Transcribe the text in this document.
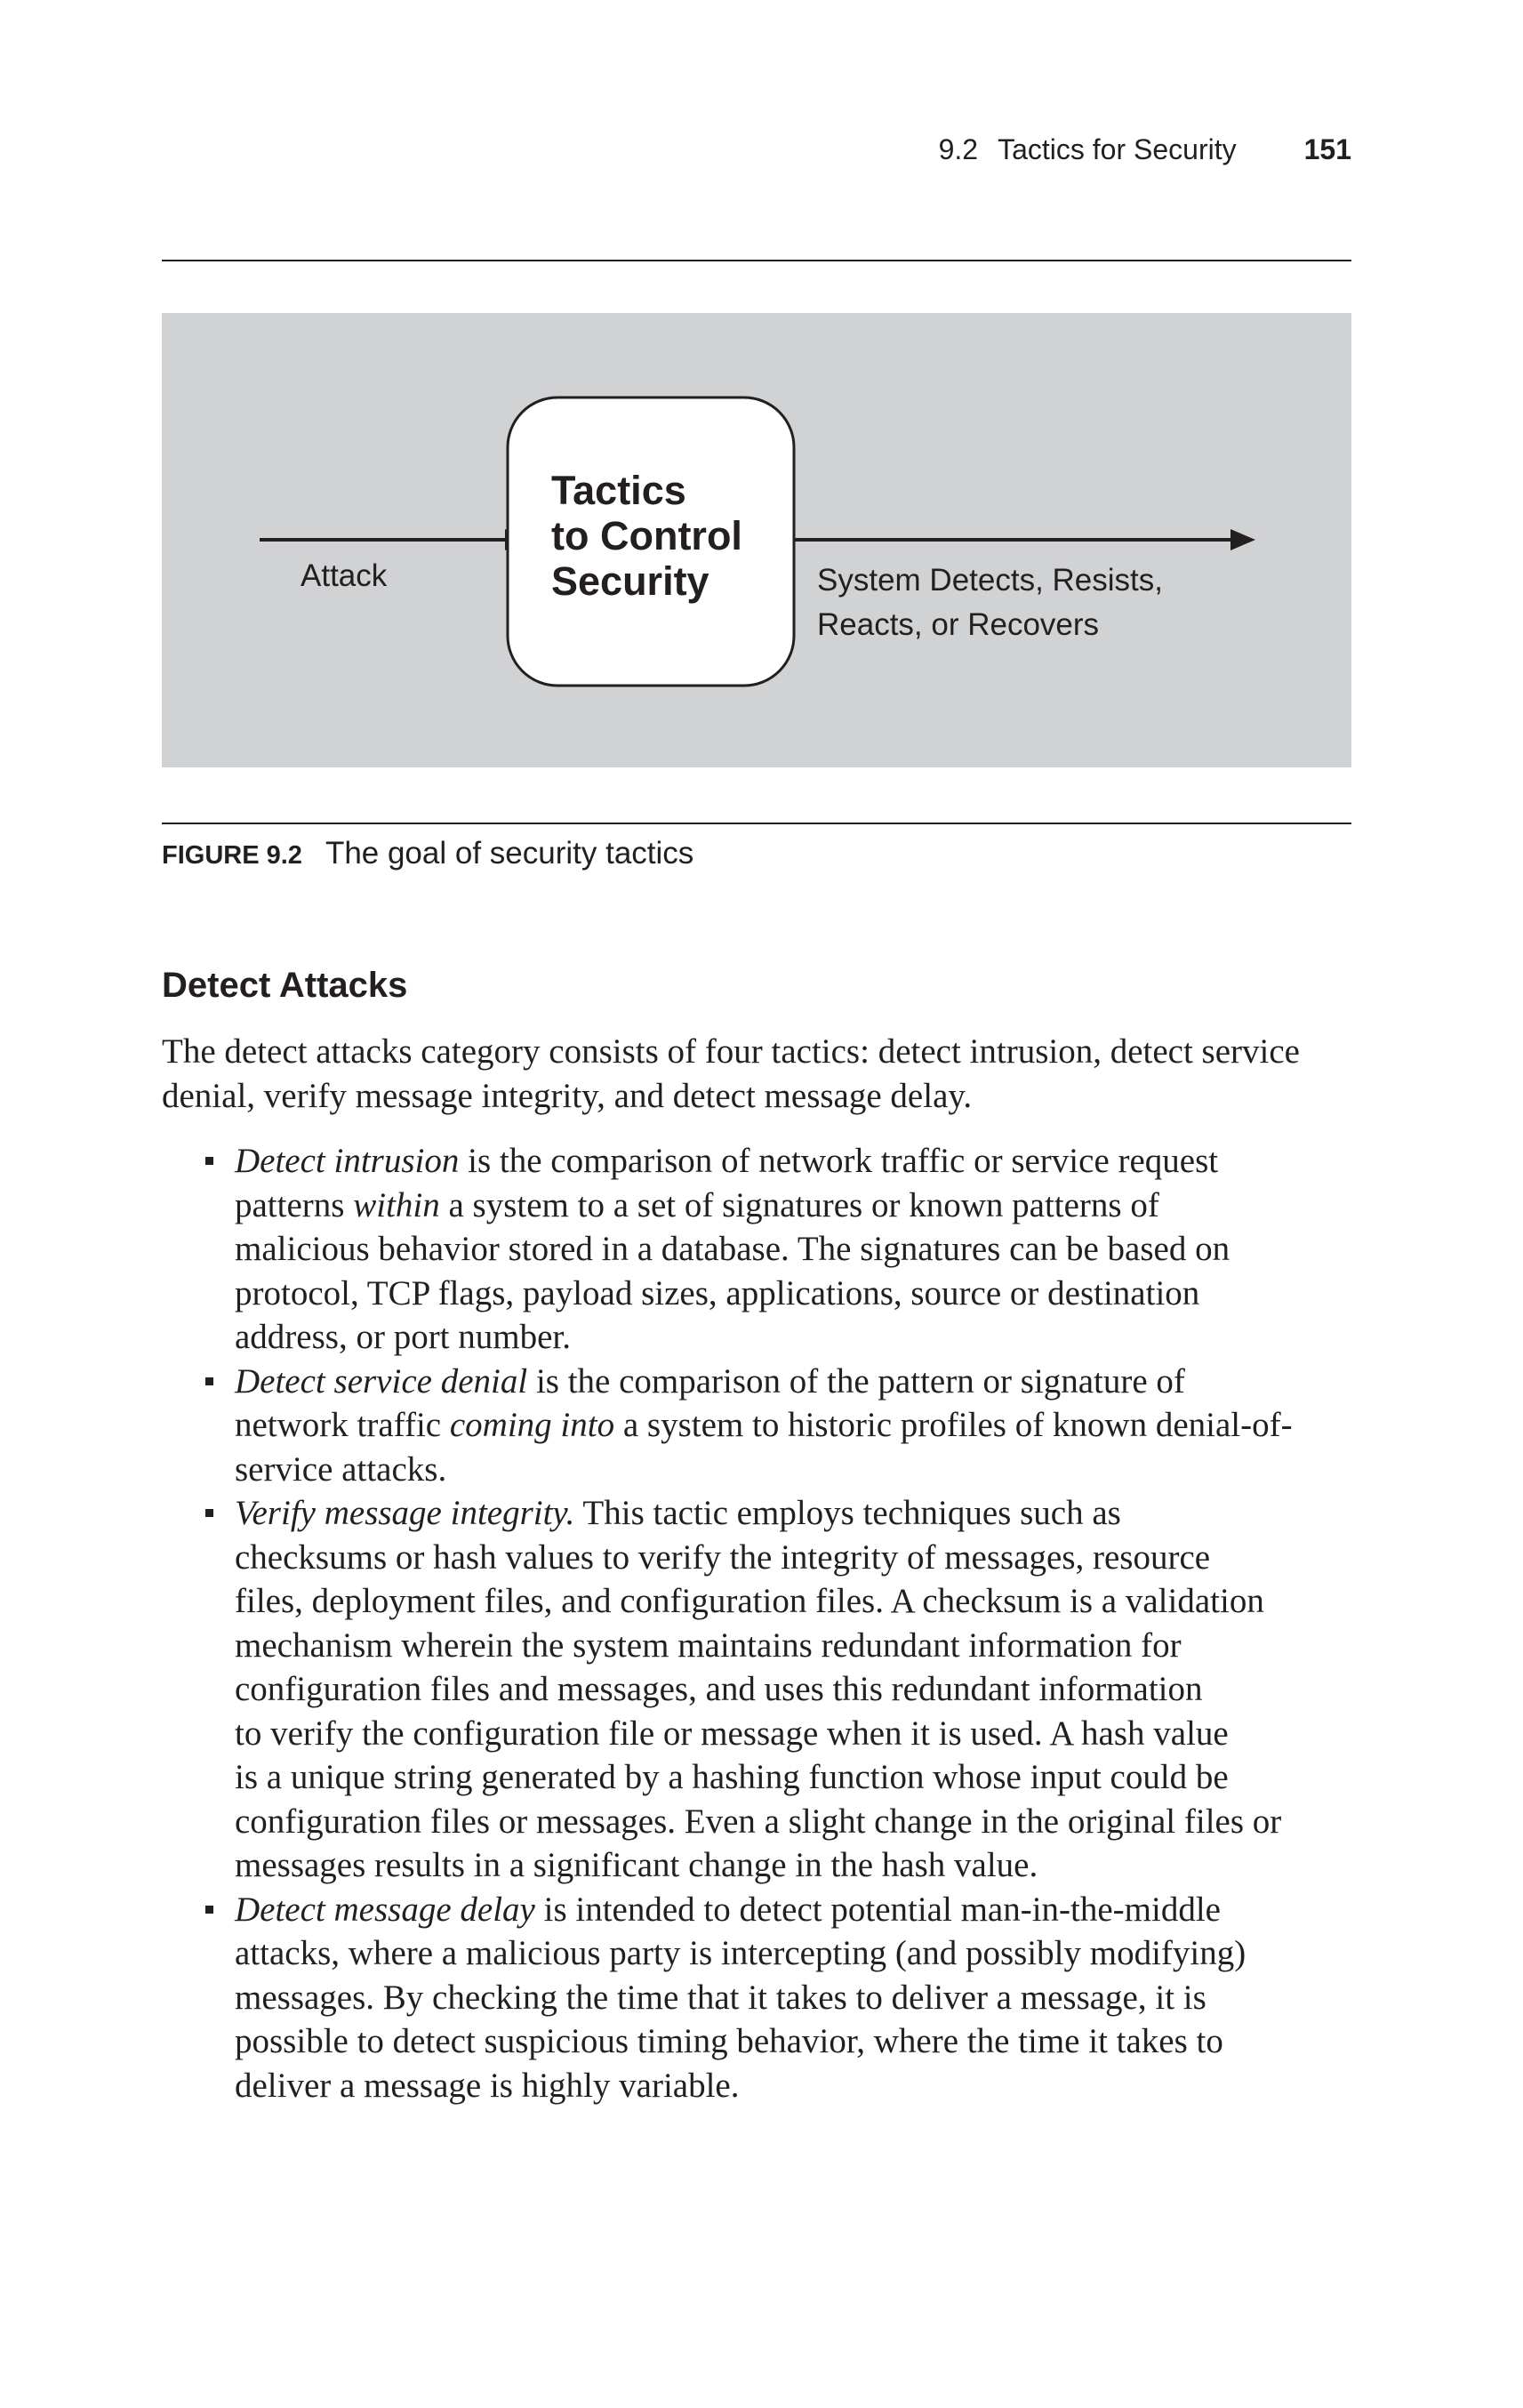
9.2 Tactics for Security 151
Attack
Tactics
to Control
Security	System Detects, Resists,
Reacts, or Recovers
FIGURE 9.2 The goal of security tactics
Detect Attacks
The detect attacks category consists of four tactics: detect intrusion, detect service denial, verify message integrity, and detect message delay.
Detect intrusion is the comparison of network traffic or service request
patterns within a system to a set of signatures or known patterns of
malicious behavior stored in a database. The signatures can be based on
protocol, TCP flags, payload sizes, applications, source or destination
address, or port number.
Detect service denial is the comparison of the pattern or signature of
network traffic coming into a system to historic profiles of known denial-of-
service attacks.
Verify message integrity. This tactic employs techniques such as
checksums or hash values to verify the integrity of messages, resource
files, deployment files, and configuration files. A checksum is a validation
mechanism wherein the system maintains redundant information for
configuration files and messages, and uses this redundant information
to verify the configuration file or message when it is used. A hash value
is a unique string generated by a hashing function whose input could be
configuration files or messages. Even a slight change in the original files or
messages results in a significant change in the hash value.
Detect message delay is intended to detect potential man-in-the-middle
attacks, where a malicious party is intercepting (and possibly modifying)
messages. By checking the time that it takes to deliver a message, it is
possible to detect suspicious timing behavior, where the time it takes to
deliver a message is highly variable.
